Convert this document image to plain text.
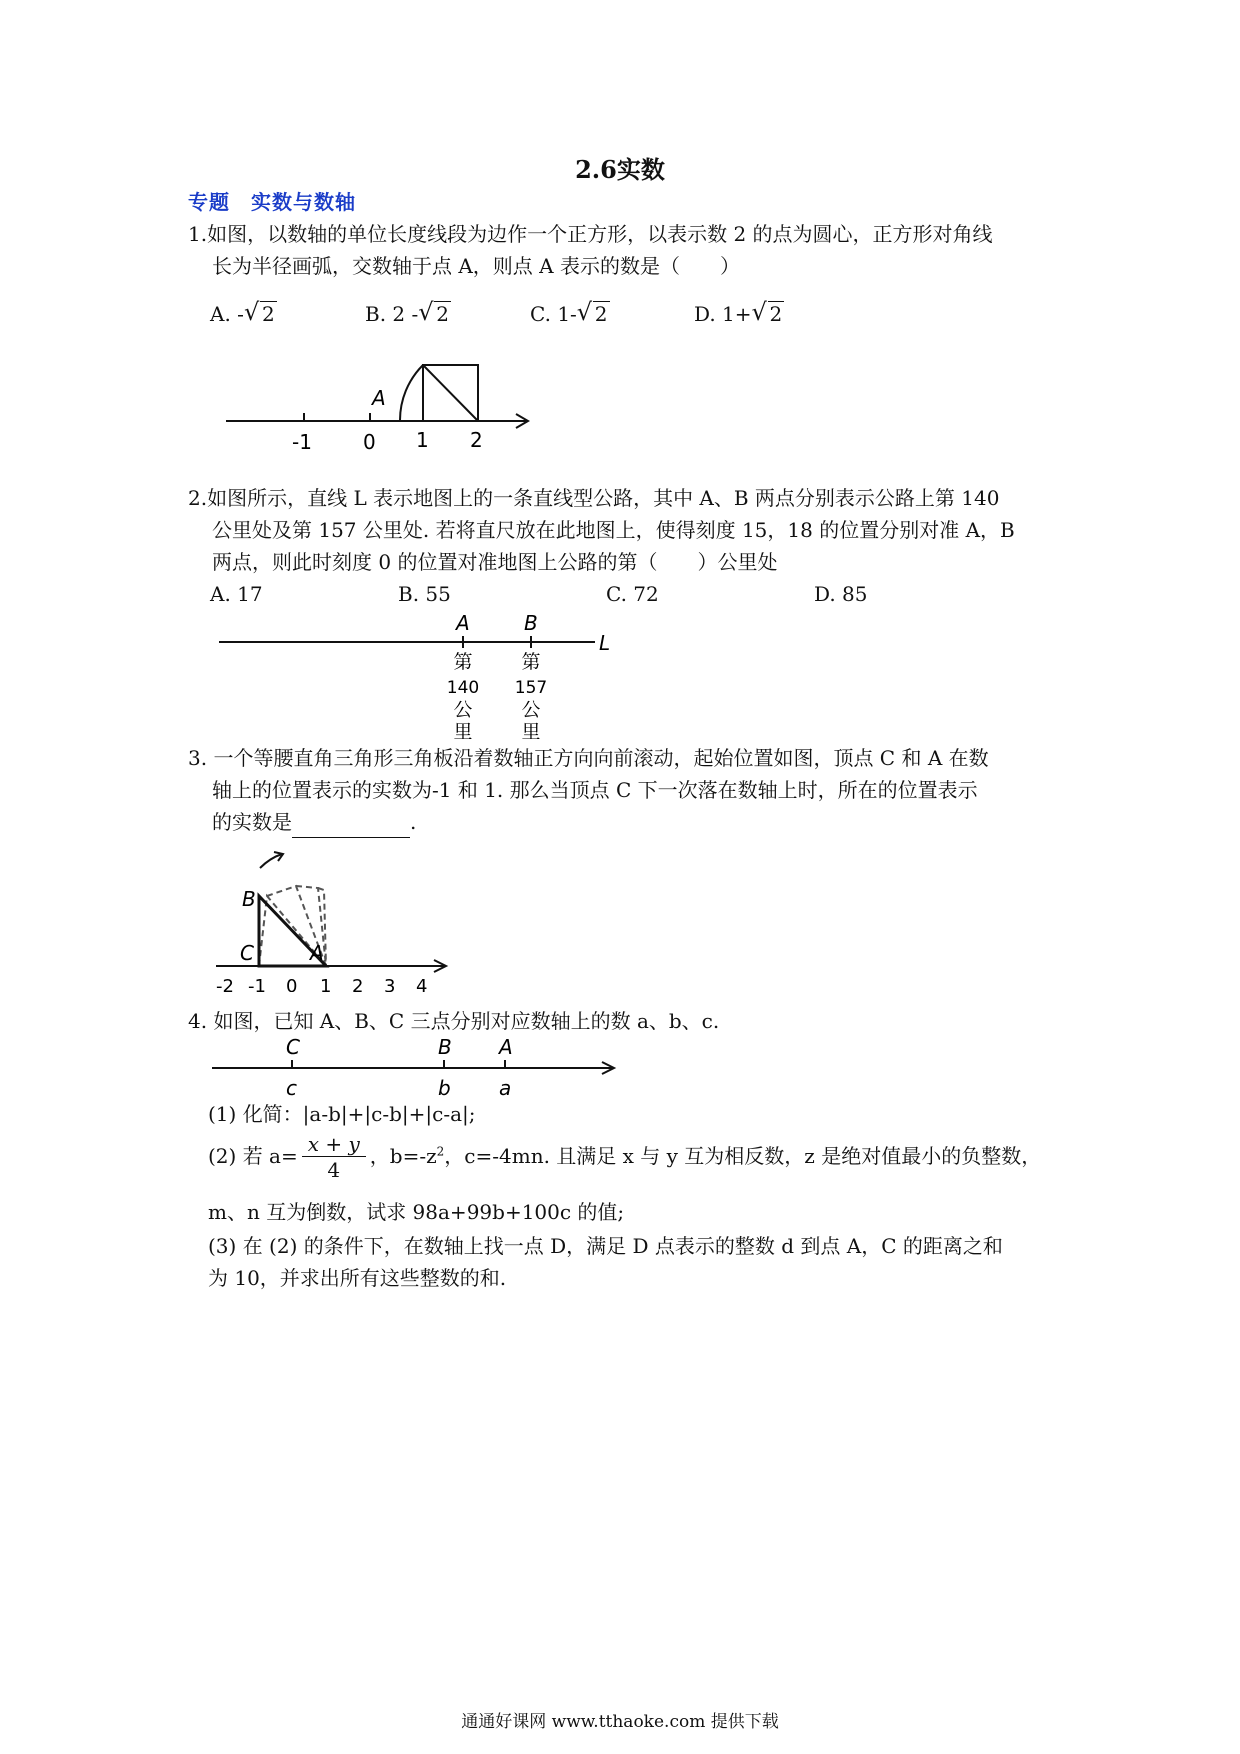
2.6实数
专题　实数与数轴
1.如图，以数轴的单位长度线段为边作一个正方形，以表示数 2 的点为圆心，正方形对角线
长为半径画弧，交数轴于点 A，则点 A 表示的数是（　　）
A. - √ 2	B. 2 - √ 2	C. 1- √ 2	D. 1+ √ 2
A
-1	0 1 2
2.如图所示，直线 L 表示地图上的一条直线型公路，其中 A、B 两点分别表示公路上第 140
公里处及第 157 公里处. 若将直尺放在此地图上，使得刻度 15，18 的位置分别对准 A，B
两点，则此时刻度 0 的位置对准地图上公路的第（　　）公里处
A. 17	B. 55	C. 72	D. 85
L
A	B
第
140
公
里
第
157
公
里
3. 一个等腰直角三角形三角板沿着数轴正方向向前滚动，起始位置如图，顶点 C 和 A 在数
轴上的位置表示的实数为-1 和 1. 那么当顶点 C 下一次落在数轴上时，所在的位置表示
的实数是	.
B
C	A
-2 -1 0 1 2 3 4
4. 如图，已知 A、B、C 三点分别对应数轴上的数 a、b、c.
C	B A
c	b a
(1) 化简：|a-b|+|c-b|+|c-a|;
(2) 若 $a= \frac{x + y}{4}$ ，$b=-z^2$，c=-4mn. 且满足 x 与 y 互为相反数，z 是绝对值最小的负整数，
m、n 互为倒数，试求 98a+99b+100c 的值;
(3) 在 (2) 的条件下，在数轴上找一点 D，满足 D 点表示的整数 d 到点 A，C 的距离之和
为 10，并求出所有这些整数的和.
通通好课网 www.tthaoke.com 提供下载
